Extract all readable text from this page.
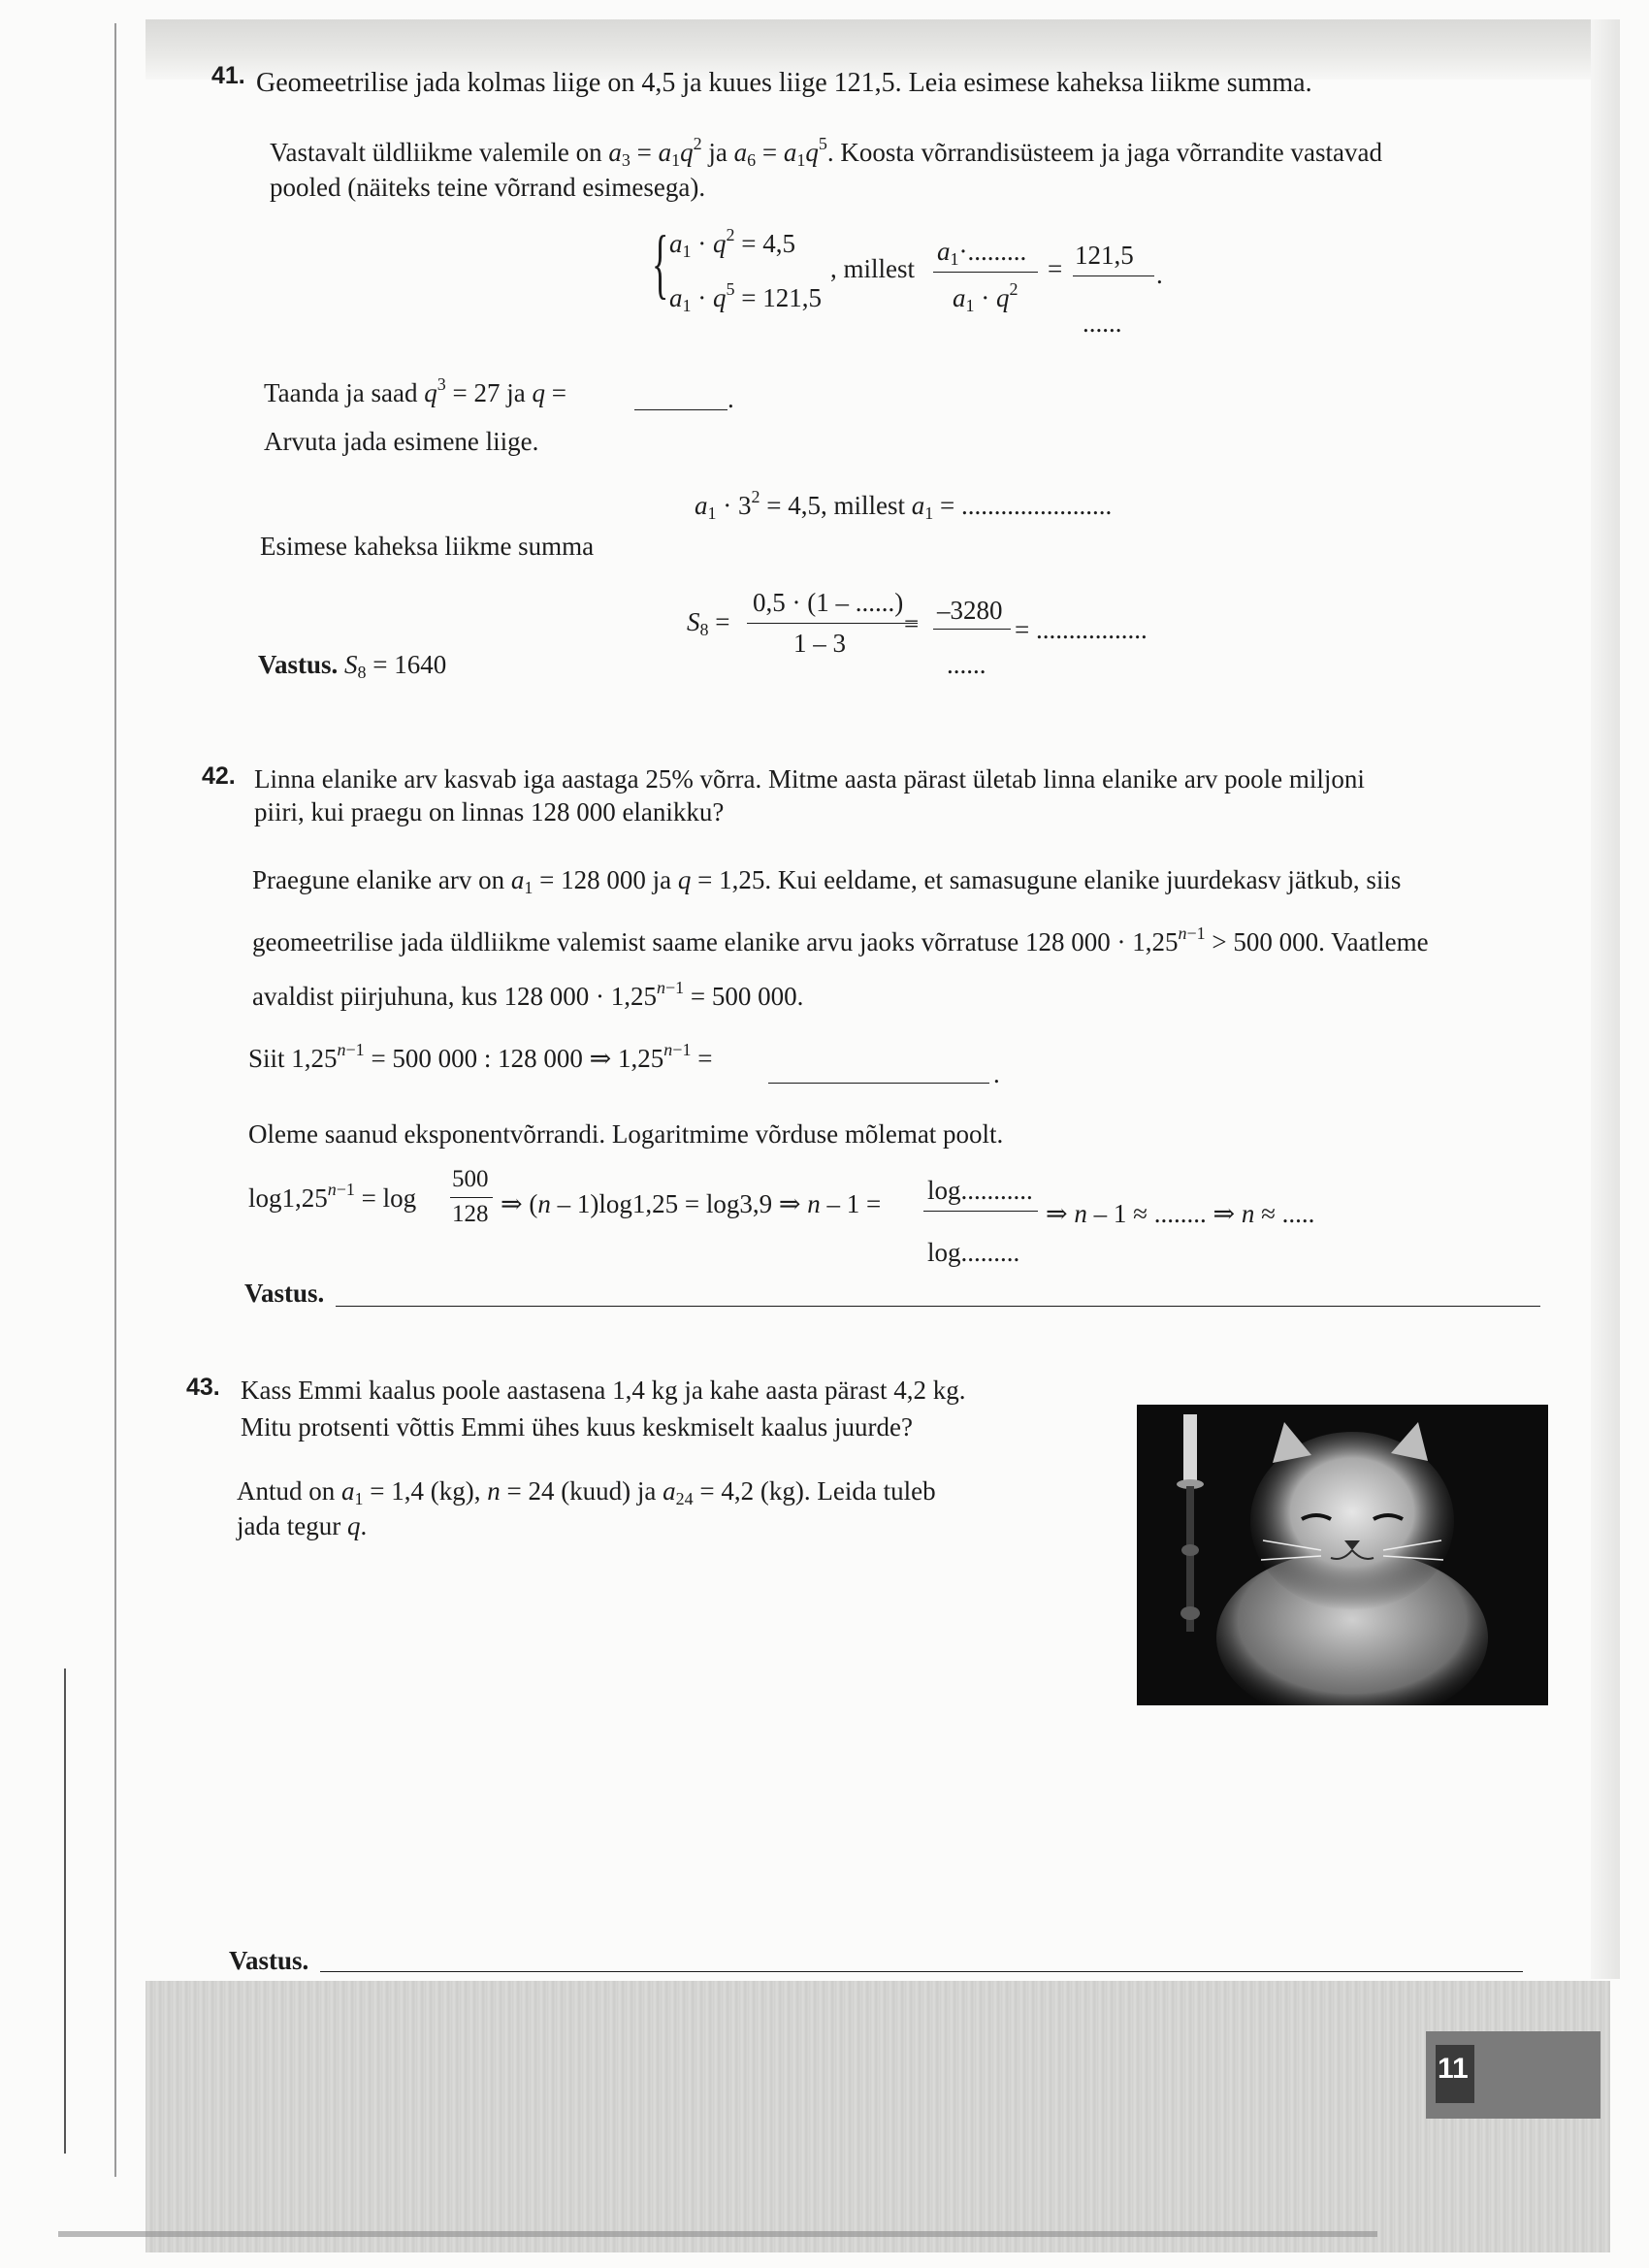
11
41. Geomeetrilise jada kolmas liige on 4,5 ja kuues liige 121,5. Leia esimese kaheksa liikme summa.
Vastavalt üldliikme valemile on $a_3 = a_1q^2$ ja $a_6 = a_1q^5$. Koosta võrrandisüsteem ja jaga võrrandite vastavad
pooled (näiteks teine võrrand esimesega).
{ $a_1 \cdot q^2 = 4,5$
$a_1 \cdot q^5 = 121,5$
, millest
$a_1\cdot$.........
$a_1 \cdot q^2$
= 121,5
.
......
Taanda ja saad $q^3 = 27$ ja q =	.
Arvuta jada esimene liige.
$a_1 \cdot 3^2 = 4,5$, millest $a_1$ = .......................
Esimese kaheksa liikme summa
$S_8$ =
0,5 · (1 – ......)
1 – 3
= –3280
......
= .................
Vastus. $S_8 = 1640$
42. Linna elanike arv kasvab iga aastaga 25% võrra. Mitme aasta pärast ületab linna elanike arv poole miljoni
piiri, kui praegu on linnas 128 000 elanikku?
Praegune elanike arv on $a_1 = 128$ 000 ja q = 1,25. Kui eeldame, et samasugune elanike juurdekasv jätkub, siis
geomeetrilise jada üldliikme valemist saame elanike arvu jaoks võrratuse 128 $000 \cdot 1,25^{n-1} > 500$ 000. Vaatleme
avaldist piirjuhuna, kus 128 $000 \cdot 1,25^{n-1} = 500$ 000.
Siit $1,25^{n-1} = 500$ 000 : 128 000 ⇒ $1,25^{n-1}$ =
.
Oleme saanud eksponentvõrrandi. Logaritmime võrduse mõlemat poolt.
$\log 1,25^{n-1} = \log$
500
128 ⇒ (n – 1)log1,25 = log3,9 ⇒ n – 1 = log...........
log.........
⇒ n – 1 ≈ ........ ⇒ n ≈ .....
Vastus.
43. Kass Emmi kaalus poole aastasena 1,4 kg ja kahe aasta pärast 4,2 kg.
Mitu protsenti võttis Emmi ühes kuus keskmiselt kaalus juurde?
Antud on $a_1 = 1,4$ (kg), n = 24 (kuud) ja $a_{24} = 4,2$ (kg). Leida tuleb
jada tegur q.
Vastus.
